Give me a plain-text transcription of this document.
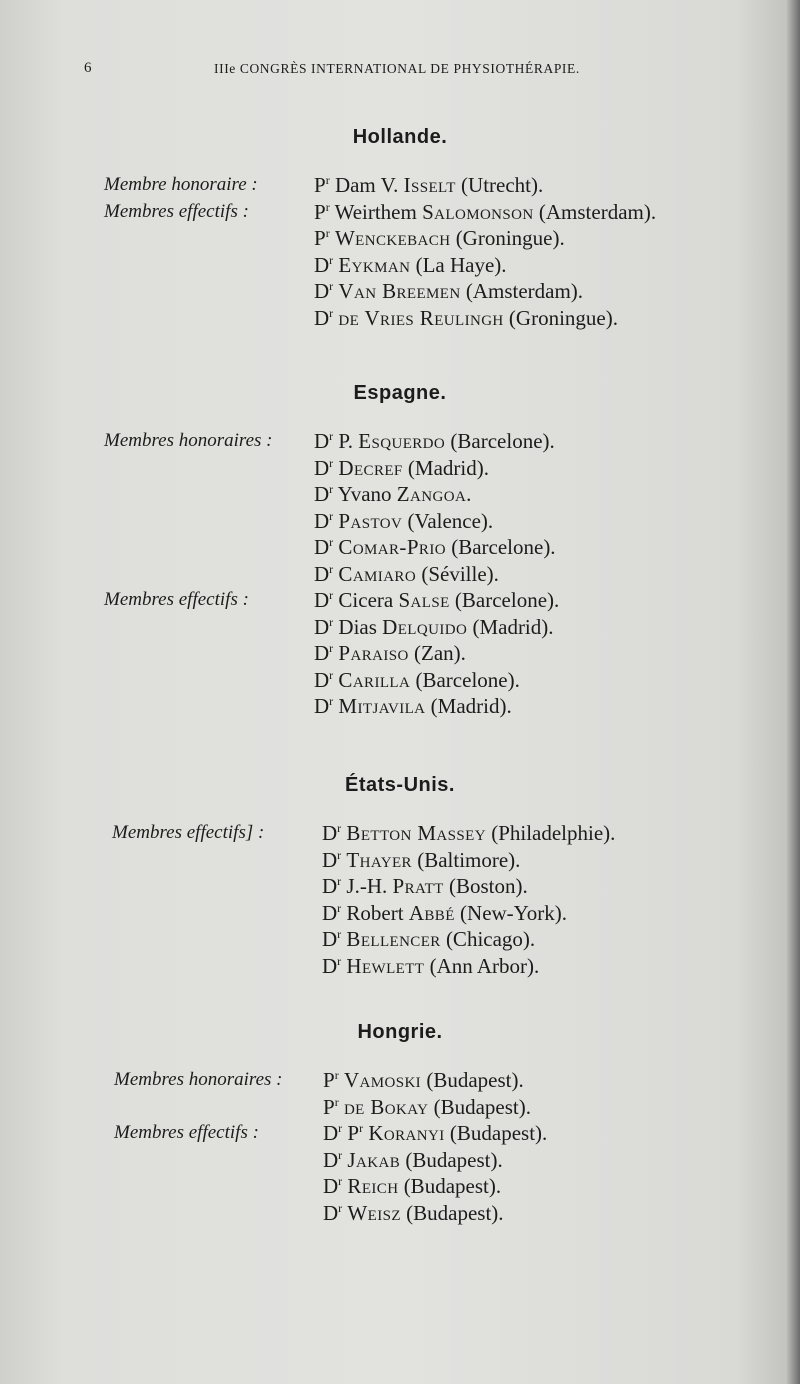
6	IIIe CONGRÈS INTERNATIONAL DE PHYSIOTHÉRAPIE.
Hollande.
Membre honoraire :	$P^r$ Dam V. Isselt (Utrecht).
Membres effectifs :	$P^r$ Weirthem Salomonson (Amsterdam).
$P^r$ Wenckebach (Groningue).
$D^r$ Eykman (La Haye).
$D^r$ Van Breemen (Amsterdam).
$D^r$ de Vries Reulingh (Groningue).
Espagne.
Membres honoraires : $D^r$ P. Esquerdo (Barcelone).
$D^r$ Decref (Madrid).
$D^r$ Yvano Zangoa.
$D^r$ Pastov (Valence).
$D^r$ Comar-Prio (Barcelone).
$D^r$ Camiaro (Séville).
Membres effectifs :	$D^r$ Cicera Salse (Barcelone).
$D^r$ Dias Delquido (Madrid).
$D^r$ Paraiso (Zan).
$D^r$ Carilla (Barcelone).
$D^r$ Mitjavila (Madrid).
États-Unis.
Membres effectifs] :	$D^r$ Betton Massey (Philadelphie).
$D^r$ Thayer (Baltimore).
$D^r$ J.-H. Pratt (Boston).
$D^r$ Robert Abbé (New-York).
$D^r$ Bellencer (Chicago).
$D^r$ Hewlett (Ann Arbor).
Hongrie.
Membres honoraires : $P^r$ Vamoski (Budapest).
$P^r$ de Bokay (Budapest).
Membres effectifs :	$D^r$ $P^r$ Koranyi (Budapest).
$D^r$ Jakab (Budapest).
$D^r$ Reich (Budapest).
$D^r$ Weisz (Budapest).
